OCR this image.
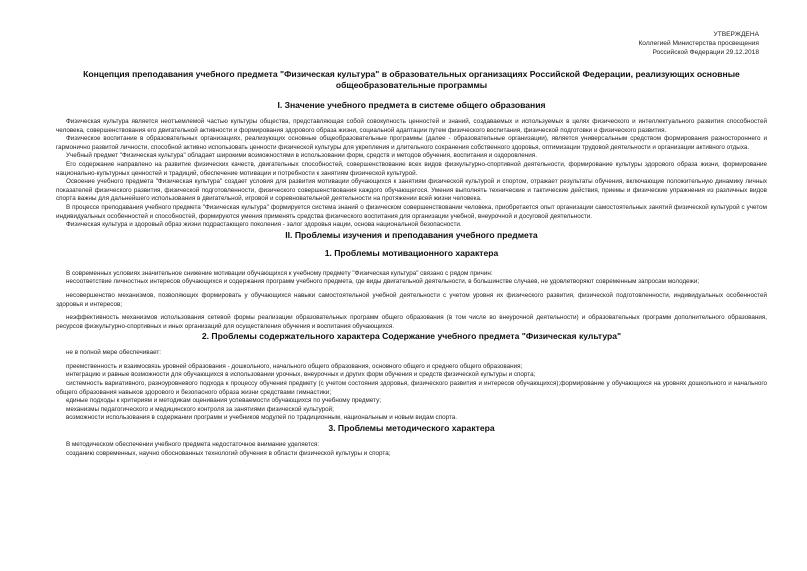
УТВЕРЖДЕНА
Коллегией Министерства просвещения
Российской Федерации 29.12.2018
Концепция преподавания учебного предмета "Физическая культура" в образовательных организациях Российской Федерации, реализующих основные общеобразовательные программы
I. Значение учебного предмета в системе общего образования
Физическая культура является неотъемлемой частью культуры общества, представляющая собой совокупность ценностей и знаний, создаваемых и используемых в целях физического и интеллектуального развития способностей человека, совершенствования его двигательной активности и формирования здорового образа жизни, социальной адаптации путем физического воспитания, физической подготовки и физического развития.
Физическое воспитание в образовательных организациях, реализующих основные общеобразовательные программы (далее - образовательные организации), является универсальным средством формирования разностороннего и гармонично развитой личности, способной активно использовать ценности физической культуры для укрепления и длительного сохранения собственного здоровья, оптимизации трудовой деятельности и организации активного отдыха.
Учебный предмет "Физическая культура" обладает широкими возможностями в использовании форм, средств и методов обучения, воспитания и оздоровления.
Его содержание направлено на развитие физических качеств, двигательных способностей, совершенствование всех видов физкультурно-спортивной деятельности, формирование культуры здорового образа жизни, формирование национально-культурных ценностей и традиций, обеспечение мотивации и потребности к занятиям физической культурой.
Освоение учебного предмета "Физическая культура" создает условия для развития мотивации обучающихся к занятиям физической культурой и спортом, отражает результаты обучения, включающие положительную динамику личных показателей физического развития, физической подготовленности, физического совершенствования каждого обучающегося. Умения выполнять технические и тактические действия, приемы и физические упражнения из различных видов спорта важны для дальнейшего использования в двигательной, игровой и соревновательной деятельности на протяжении всей жизни человека.
В процессе преподавания учебного предмета "Физическая культура" формируется система знаний о физическом совершенствовании человека, приобретается опыт организации самостоятельных занятий физической культурой с учетом индивидуальных особенностей и способностей, формируются умения применять средства физического воспитания для организации учебной, внеурочной и досуговой деятельности.
Физическая культура и здоровый образ жизни подрастающего поколения - залог здоровья нации, основа национальной безопасности.
II. Проблемы изучения и преподавания учебного предмета
1. Проблемы мотивационного характера
В современных условиях значительное снижение мотивации обучающихся к учебному предмету "Физическая культура" связано с рядом причин:
несоответствие личностных интересов обучающихся и содержания программ учебного предмета, где виды двигательной деятельности, в большинстве случаев, не удовлетворяют современным запросам молодежи;
несовершенство механизмов, позволяющих формировать у обучающихся навыки самостоятельной учебной деятельности с учетом уровня их физического развития, физической подготовленности, индивидуальных особенностей здоровья и интересов;
неэффективность механизмов использования сетевой формы реализации образовательных программ общего образования (в том числе во внеурочной деятельности) и образовательных программ дополнительного образования, ресурсов физкультурно-спортивных и иных организаций для осуществления обучения и воспитания обучающихся.
2. Проблемы содержательного характера Содержание учебного предмета "Физическая культура"
не в полной мере обеспечивает:
преемственность и взаимосвязь уровней образования - дошкольного, начального общего образования, основного общего и среднего общего образования;
интеграцию и равные возможности для обучающихся в использовании урочных, внеурочных и других форм обучения и средств физической культуры и спорта;
системность вариативного, разноуровневого подхода к процессу обучения предмету (с учетом состояния здоровья, физического развития и интересов обучающихся);формирование у обучающихся на уровнях дошкольного и начального общего образования навыков здорового и безопасного образа жизни средствами гимнастики;
единые подходы к критериям и методикам оценивания успеваемости обучающихся по учебному предмету;
механизмы педагогического и медицинского контроля за занятиями физической культурой;
возможности использования в содержании программ и учебников модулей по традиционным, национальным и новым видам спорта.
3. Проблемы методического характера
В методическом обеспечении учебного предмета недостаточное внимание уделяется:
созданию современных, научно обоснованных технологий обучения в области физической культуры и спорта;
